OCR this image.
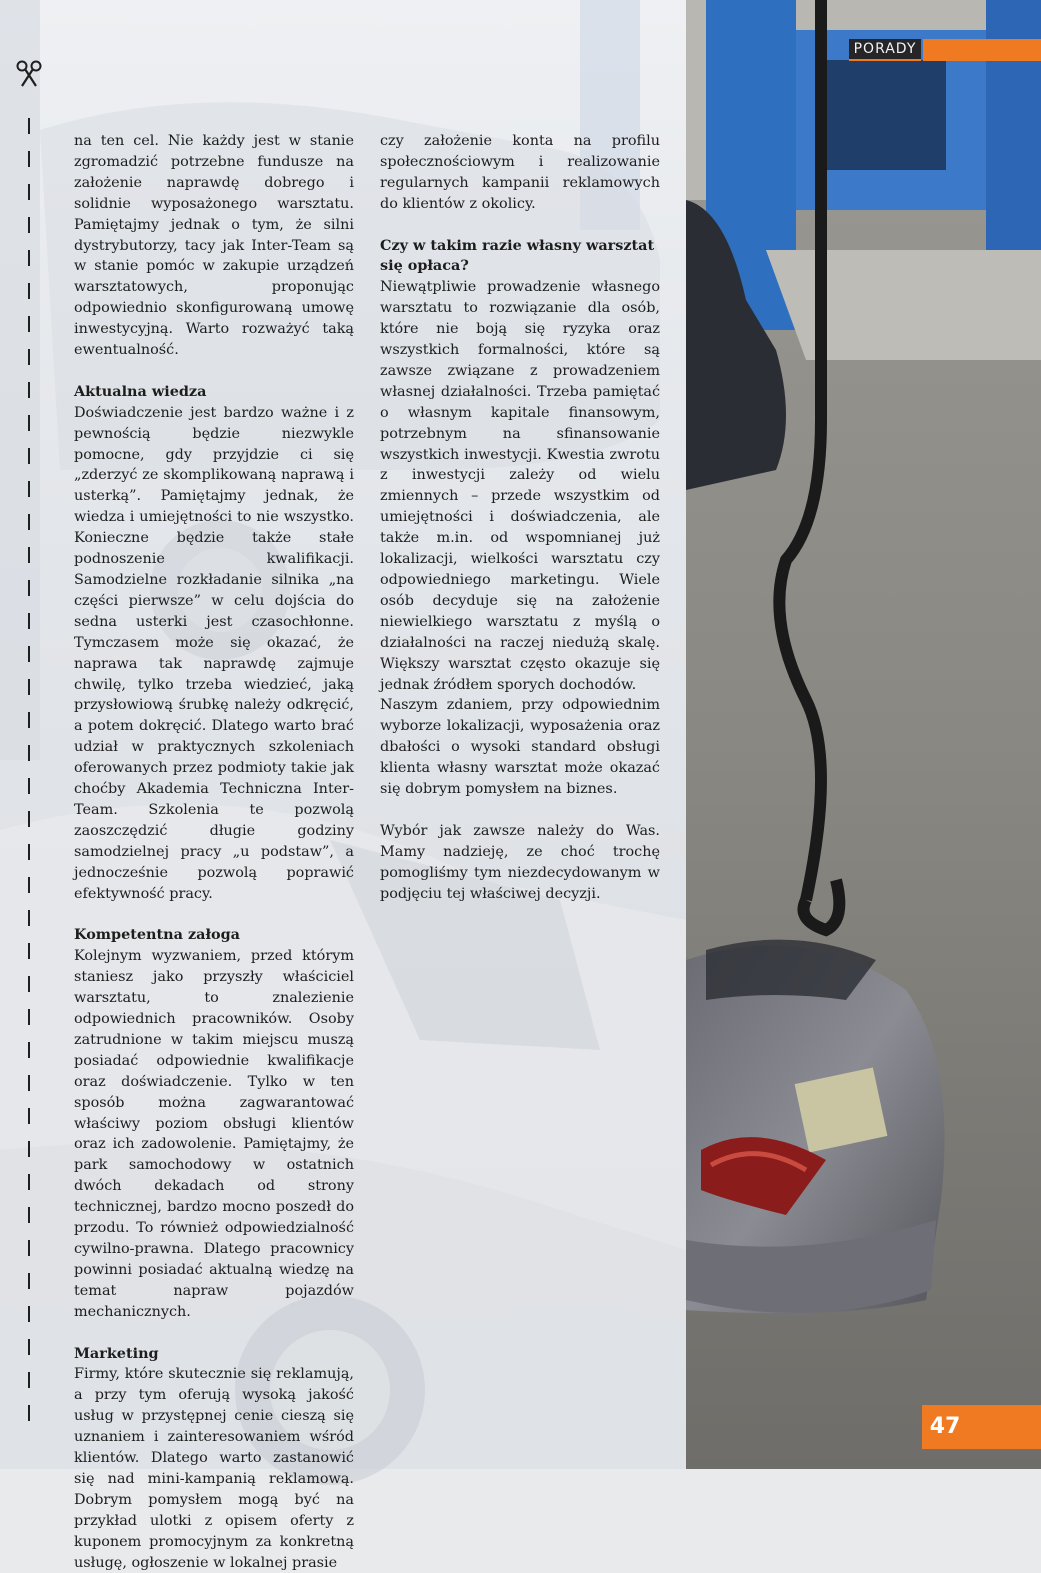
PORADY

na ten cel. Nie każdy jest w stanie zgromadzić potrzebne fundusze na założenie naprawdę dobrego i solidnie wyposażonego warsztatu. Pamiętajmy jednak o tym, że silni dystrybutorzy, tacy jak Inter-Team są w stanie pomóc w zakupie urządzeń warsztatowych, proponując odpowiednio skonfigurowaną umowę inwestycyjną. Warto rozważyć taką ewentualność.

Aktualna wiedza

Doświadczenie jest bardzo ważne i z pewnością będzie niezwykle pomocne, gdy przyjdzie ci się „zderzyć ze skomplikowaną naprawą i usterką”. Pamiętajmy jednak, że wiedza i umiejętności to nie wszystko. Konieczne będzie także stałe podnoszenie kwalifikacji. Samodzielne rozkładanie silnika „na części pierwsze” w celu dojścia do sedna usterki jest czasochłonne. Tymczasem może się okazać, że naprawa tak naprawdę zajmuje chwilę, tylko trzeba wiedzieć, jaką przysłowiową śrubkę należy odkręcić, a potem dokręcić. Dlatego warto brać udział w praktycznych szkoleniach oferowanych przez podmioty takie jak choćby Akademia Techniczna Inter-Team. Szkolenia te pozwolą zaoszczędzić długie godziny samodzielnej pracy „u podstaw”, a jednocześnie pozwolą poprawić efektywność pracy.

Kompetentna załoga

Kolejnym wyzwaniem, przed którym staniesz jako przyszły właściciel warsztatu, to znalezienie odpowiednich pracowników. Osoby zatrudnione w takim miejscu muszą posiadać odpowiednie kwalifikacje oraz doświadczenie. Tylko w ten sposób można zagwarantować właściwy poziom obsługi klientów oraz ich zadowolenie. Pamiętajmy, że park samochodowy w ostatnich dwóch dekadach od strony technicznej, bardzo mocno poszedł do przodu. To również odpowiedzialność cywilno-prawna. Dlatego pracownicy powinni posiadać aktualną wiedzę na temat napraw pojazdów mechanicznych.

Marketing

Firmy, które skutecznie się reklamują, a przy tym oferują wysoką jakość usług w przystępnej cenie cieszą się uznaniem i zainteresowaniem wśród klientów. Dlatego warto zastanowić się nad mini-kampanią reklamową. Dobrym pomysłem mogą być na przykład ulotki z opisem oferty z kuponem promocyjnym za konkretną usługę, ogłoszenie w lokalnej prasie

czy założenie konta na profilu społecznościowym i realizowanie regularnych kampanii reklamowych do klientów z okolicy.

Czy w takim razie własny warsztat się opłaca?

Niewątpliwie prowadzenie własnego warsztatu to rozwiązanie dla osób, które nie boją się ryzyka oraz wszystkich formalności, które są zawsze związane z prowadzeniem własnej działalności. Trzeba pamiętać o własnym kapitale finansowym, potrzebnym na sfinansowanie wszystkich inwestycji. Kwestia zwrotu z inwestycji zależy od wielu zmiennych – przede wszystkim od umiejętności i doświadczenia, ale także m.in. od wspomnianej już lokalizacji, wielkości warsztatu czy odpowiedniego marketingu. Wiele osób decyduje się na założenie niewielkiego warsztatu z myślą o działalności na raczej niedużą skalę. Większy warsztat często okazuje się jednak źródłem sporych dochodów.

Naszym zdaniem, przy odpowiednim wyborze lokalizacji, wyposażenia oraz dbałości o wysoki standard obsługi klienta własny warsztat może okazać się dobrym pomysłem na biznes.

Wybór jak zawsze należy do Was. Mamy nadzieję, ze choć trochę pomogliśmy tym niezdecydowanym w podjęciu tej właściwej decyzji.

47
